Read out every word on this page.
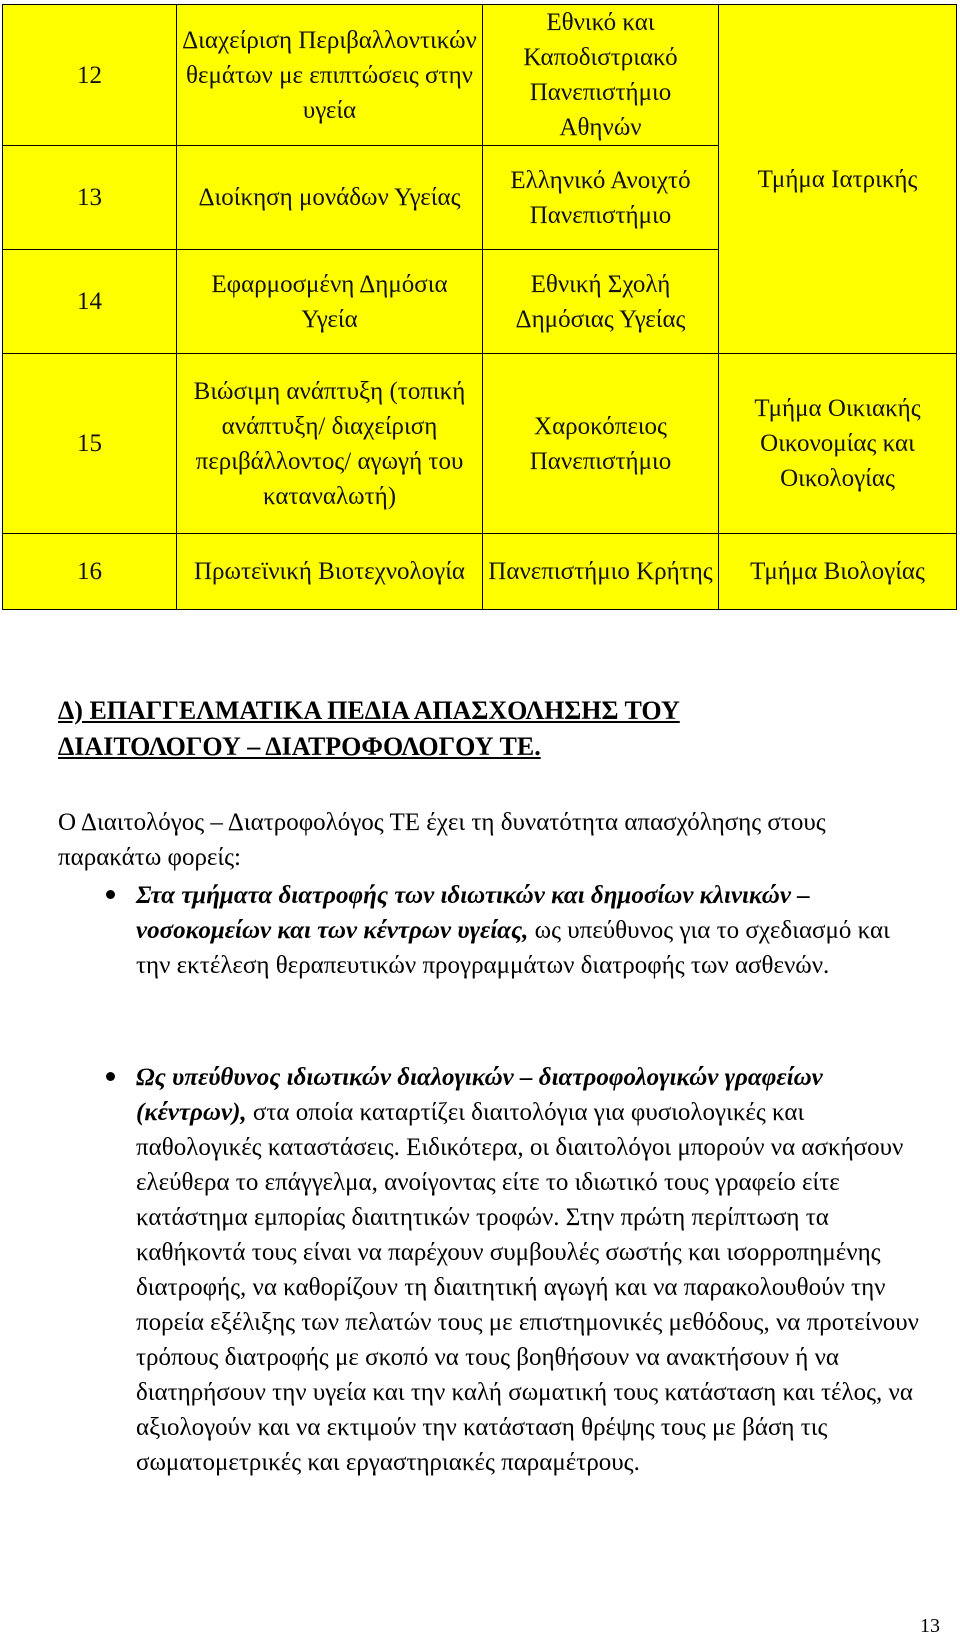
12	Διαχείριση Περιβαλλοντικών θεμάτων με επιπτώσεις στην υγεία	Εθνικό και Καποδιστριακό Πανεπιστήμιο Αθηνών	Τμήμα Ιατρικής
13	Διοίκηση μονάδων Υγείας	Ελληνικό Ανοιχτό Πανεπιστήμιο	
14	Εφαρμοσμένη Δημόσια Υγεία	Εθνική Σχολή Δημόσιας Υγείας	
15	Βιώσιμη ανάπτυξη (τοπική ανάπτυξη/ διαχείριση περιβάλλοντος/ αγωγή του καταναλωτή)	Χαροκόπειος Πανεπιστήμιο	Τμήμα Οικιακής Οικονομίας και Οικολογίας
16	Πρωτεϊνική Βιοτεχνολογία	Πανεπιστήμιο Κρήτης	Τμήμα Βιολογίας
Δ) ΕΠΑΓΓΕΛΜΑΤΙΚΑ ΠΕΔΙΑ ΑΠΑΣΧΟΛΗΣΗΣ ΤΟΥ
ΔΙΑΙΤΟΛΟΓΟΥ – ΔΙΑΤΡΟΦΟΛΟΓΟΥ ΤΕ.

Ο Διαιτολόγος – Διατροφολόγος ΤΕ έχει τη δυνατότητα απασχόλησης στους παρακάτω φορείς:

Στα τμήματα διατροφής των ιδιωτικών και δημοσίων κλινικών – νοσοκομείων και των κέντρων υγείας, ως υπεύθυνος για το σχεδιασμό και την εκτέλεση θεραπευτικών προγραμμάτων διατροφής των ασθενών.

Ως υπεύθυνος ιδιωτικών διαλογικών – διατροφολογικών γραφείων (κέντρων), στα οποία καταρτίζει διαιτολόγια για φυσιολογικές και παθολογικές καταστάσεις. Ειδικότερα, οι διαιτολόγοι μπορούν να ασκήσουν ελεύθερα το επάγγελμα, ανοίγοντας είτε το ιδιωτικό τους γραφείο είτε κατάστημα εμπορίας διαιτητικών τροφών. Στην πρώτη περίπτωση τα καθήκοντά τους είναι να παρέχουν συμβουλές σωστής και ισορροπημένης διατροφής, να καθορίζουν τη διαιτητική αγωγή και να παρακολουθούν την πορεία εξέλιξης των πελατών τους με επιστημονικές μεθόδους, να προτείνουν τρόπους διατροφής με σκοπό να τους βοηθήσουν να ανακτήσουν ή να διατηρήσουν την υγεία και την καλή σωματική τους κατάσταση και τέλος, να αξιολογούν και να εκτιμούν την κατάσταση θρέψης τους με βάση τις σωματομετρικές και εργαστηριακές παραμέτρους.

13
